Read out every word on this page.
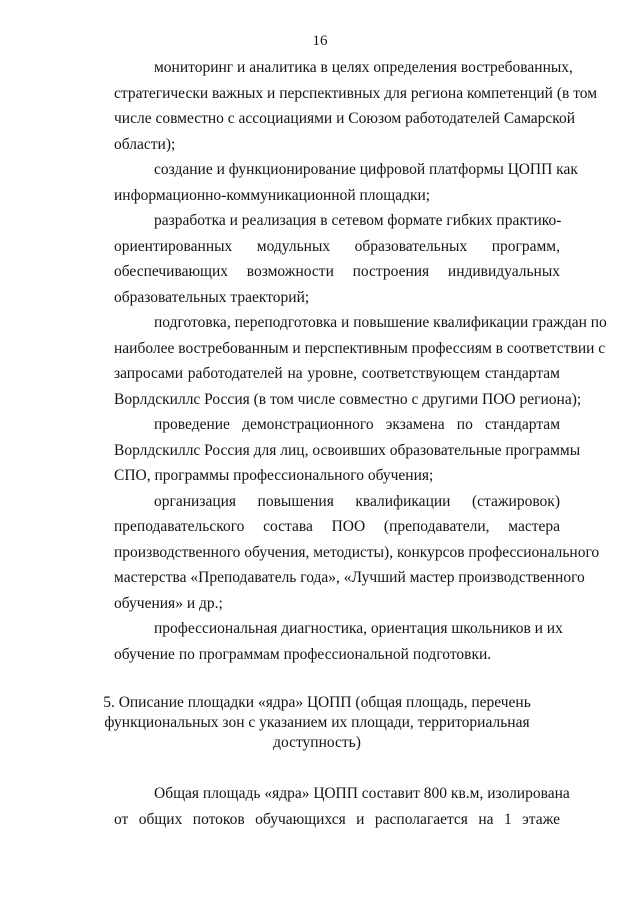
16

мониторинг и аналитика в целях определения востребованных,
стратегически важных и перспективных для региона компетенций (в том
числе совместно с ассоциациями и Союзом работодателей Самарской
области);

создание и функционирование цифровой платформы ЦОПП как
информационно-коммуникационной площадки;

разработка и реализация в сетевом формате гибких практико-
ориентированных модульных образовательных программ,
обеспечивающих возможности построения индивидуальных
образовательных траекторий;

подготовка, переподготовка и повышение квалификации граждан по
наиболее востребованным и перспективным профессиям в соответствии с
запросами работодателей на уровне, соответствующем стандартам
Ворлдскиллс Россия (в том числе совместно с другими ПОО региона);

проведение демонстрационного экзамена по стандартам
Ворлдскиллс Россия для лиц, освоивших образовательные программы
СПО, программы профессионального обучения;

организация повышения квалификации (стажировок)
преподавательского состава ПОО (преподаватели, мастера
производственного обучения, методисты), конкурсов профессионального
мастерства «Преподаватель года», «Лучший мастер производственного
обучения» и др.;

профессиональная диагностика, ориентация школьников и их
обучение по программам профессиональной подготовки.

5. Описание площадки «ядра» ЦОПП (общая площадь, перечень
функциональных зон с указанием их площади, территориальная
доступность)

Общая площадь «ядра» ЦОПП составит 800 кв.м, изолирована
от общих потоков обучающихся и располагается на 1 этаже
